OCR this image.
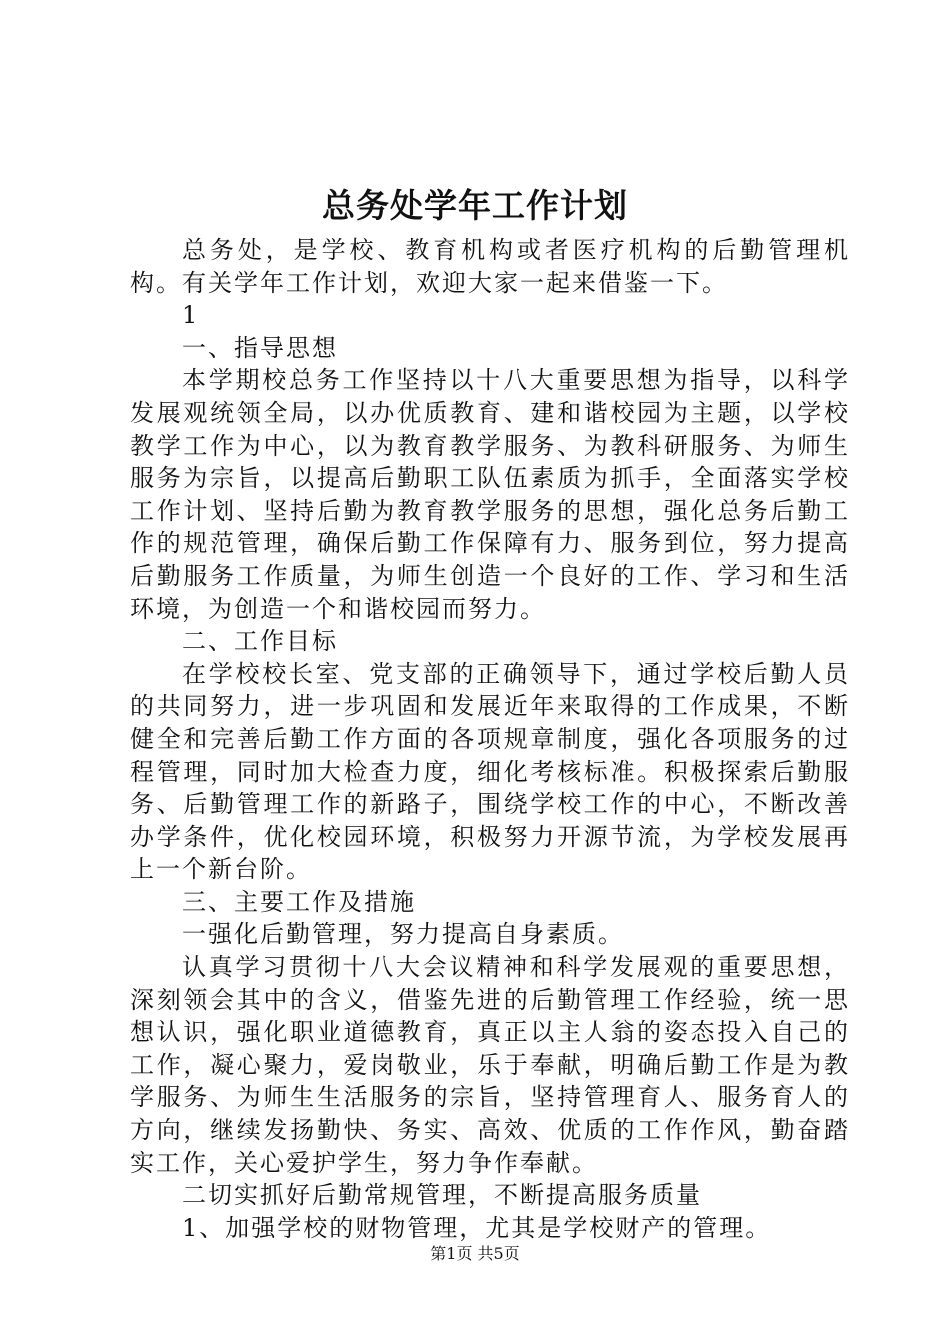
总务处学年工作计划

总务处，是学校、教育机构或者医疗机构的后勤管理机构。有关学年工作计划，欢迎大家一起来借鉴一下。

1

一、指导思想

本学期校总务工作坚持以十八大重要思想为指导，以科学发展观统领全局，以办优质教育、建和谐校园为主题，以学校教学工作为中心，以为教育教学服务、为教科研服务、为师生服务为宗旨，以提高后勤职工队伍素质为抓手，全面落实学校工作计划、坚持后勤为教育教学服务的思想，强化总务后勤工作的规范管理，确保后勤工作保障有力、服务到位，努力提高后勤服务工作质量，为师生创造一个良好的工作、学习和生活环境，为创造一个和谐校园而努力。

二、工作目标

在学校校长室、党支部的正确领导下，通过学校后勤人员的共同努力，进一步巩固和发展近年来取得的工作成果，不断健全和完善后勤工作方面的各项规章制度，强化各项服务的过程管理，同时加大检查力度，细化考核标准。积极探索后勤服务、后勤管理工作的新路子，围绕学校工作的中心，不断改善办学条件，优化校园环境，积极努力开源节流，为学校发展再上一个新台阶。

三、主要工作及措施

一强化后勤管理，努力提高自身素质。

认真学习贯彻十八大会议精神和科学发展观的重要思想，深刻领会其中的含义，借鉴先进的后勤管理工作经验，统一思想认识，强化职业道德教育，真正以主人翁的姿态投入自己的工作，凝心聚力，爱岗敬业，乐于奉献，明确后勤工作是为教学服务、为师生生活服务的宗旨，坚持管理育人、服务育人的方向，继续发扬勤快、务实、高效、优质的工作作风，勤奋踏实工作，关心爱护学生，努力争作奉献。

二切实抓好后勤常规管理，不断提高服务质量

1、加强学校的财物管理，尤其是学校财产的管理。

第1页 共5页
